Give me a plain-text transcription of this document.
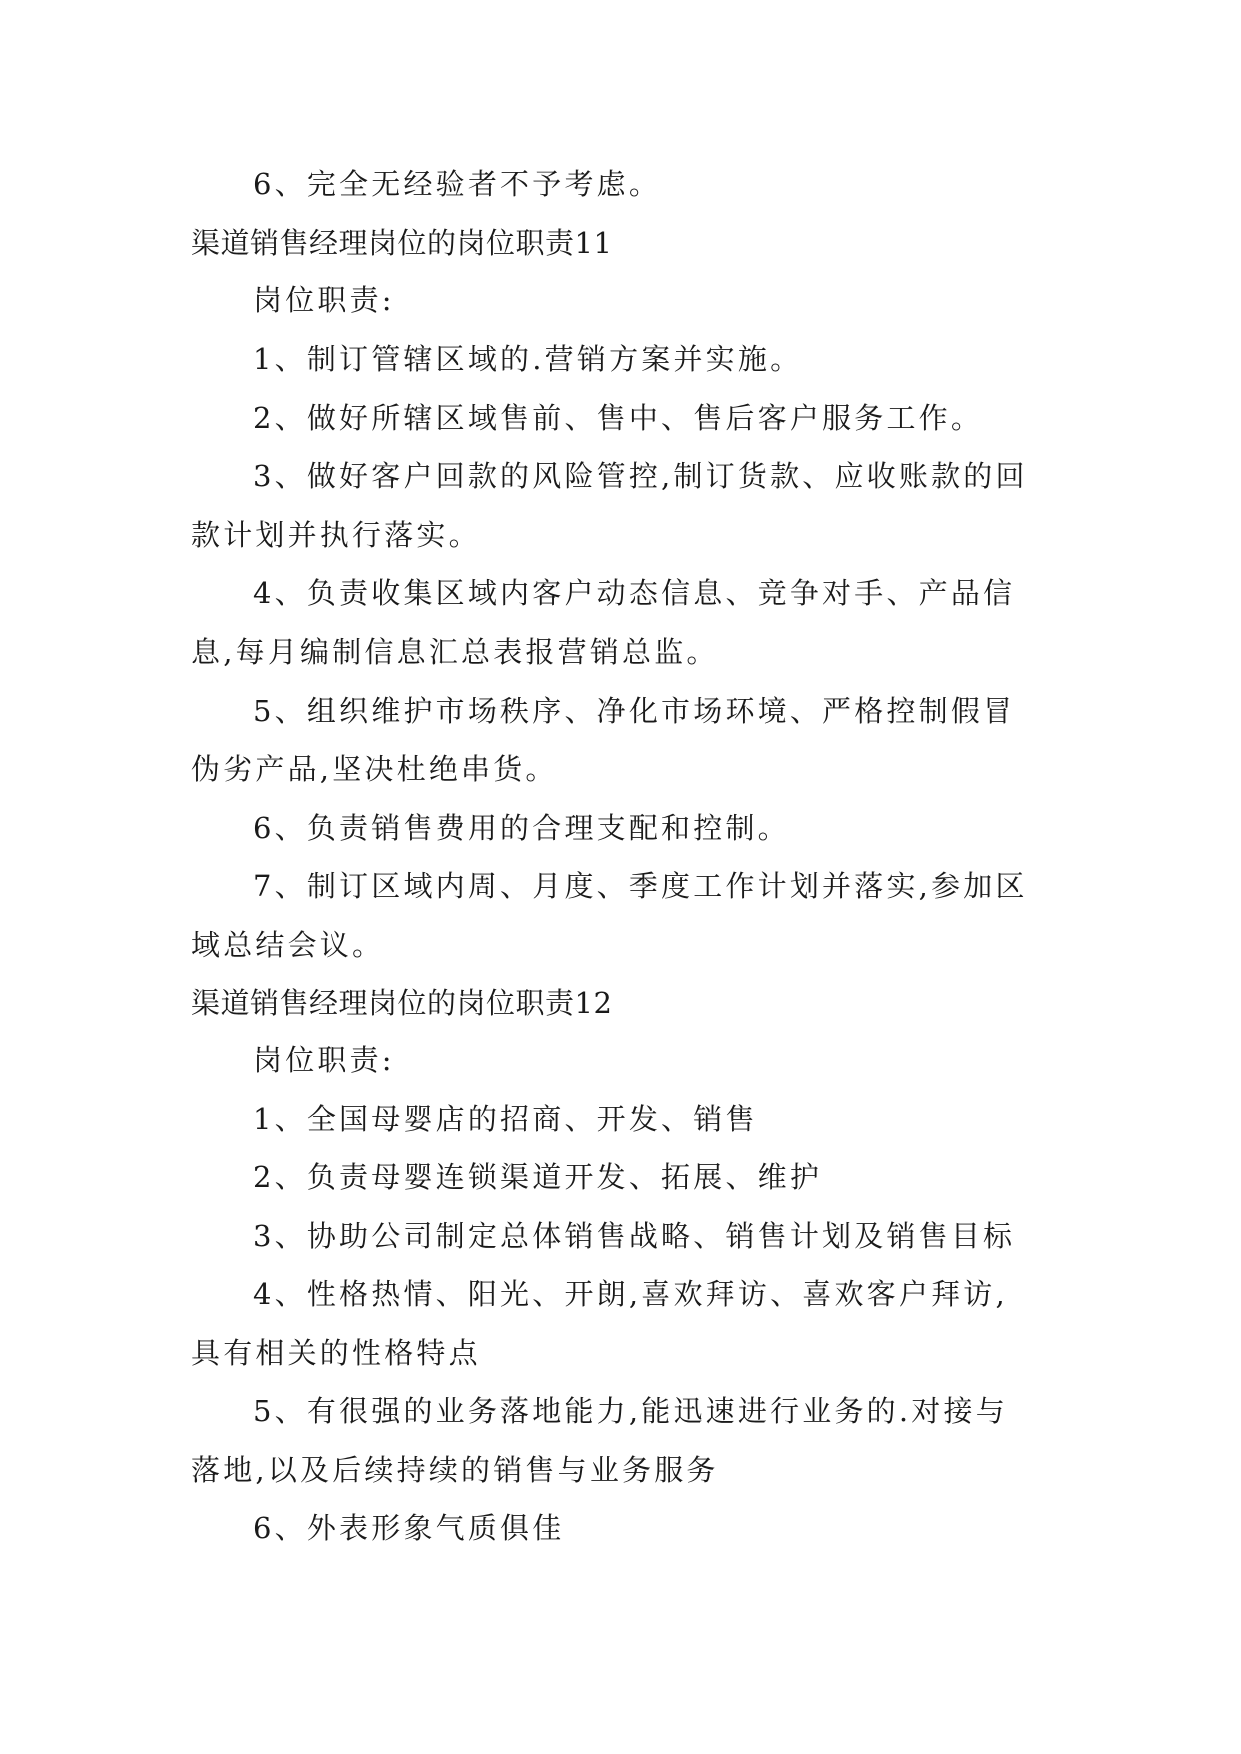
6、完全无经验者不予考虑。
渠道销售经理岗位的岗位职责11
岗位职责:
1、制订管辖区域的.营销方案并实施。
2、做好所辖区域售前、售中、售后客户服务工作。
3、做好客户回款的风险管控,制订货款、应收账款的回
款计划并执行落实。
4、负责收集区域内客户动态信息、竞争对手、产品信
息,每月编制信息汇总表报营销总监。
5、组织维护市场秩序、净化市场环境、严格控制假冒
伪劣产品,坚决杜绝串货。
6、负责销售费用的合理支配和控制。
7、制订区域内周、月度、季度工作计划并落实,参加区
域总结会议。
渠道销售经理岗位的岗位职责12
岗位职责:
1、全国母婴店的招商、开发、销售
2、负责母婴连锁渠道开发、拓展、维护
3、协助公司制定总体销售战略、销售计划及销售目标
4、性格热情、阳光、开朗,喜欢拜访、喜欢客户拜访,
具有相关的性格特点
5、有很强的业务落地能力,能迅速进行业务的.对接与
落地,以及后续持续的销售与业务服务
6、外表形象气质俱佳
